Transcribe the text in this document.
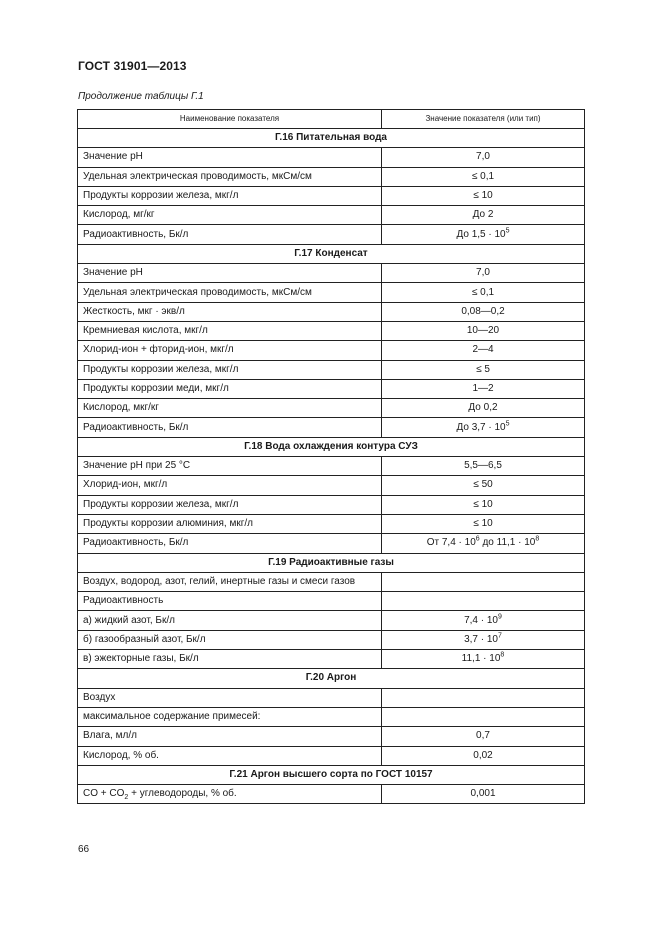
ГОСТ 31901—2013
Продолжение таблицы Г.1
Наименование показателя	Значение показателя (или тип)
Г.16 Питательная вода	
Значение pH	7,0
Удельная электрическая проводимость, мкСм/см	≤ 0,1
Продукты коррозии железа, мкг/л	≤ 10
Кислород, мг/кг	До 2
Радиоактивность, Бк/л	До $1,5 \cdot 10^5$
Г.17 Конденсат	
Значение pH	7,0
Удельная электрическая проводимость, мкСм/см	≤ 0,1
Жесткость, мкг · экв/л	0,08—0,2
Кремниевая кислота, мкг/л	10—20
Хлорид-ион + фторид-ион, мкг/л	2—4
Продукты коррозии железа, мкг/л	≤ 5
Продукты коррозии меди, мкг/л	1—2
Кислород, мкг/кг	До 0,2
Радиоактивность, Бк/л	До $3,7 \cdot 10^5$
Г.18 Вода охлаждения контура СУЗ	
Значение pH при 25 °С	5,5—6,5
Хлорид-ион, мкг/л	≤ 50
Продукты коррозии железа, мкг/л	≤ 10
Продукты коррозии алюминия, мкг/л	≤ 10
Радиоактивность, Бк/л	От $7,4 \cdot 10^6$ до $11,1 \cdot 10^8$
Г.19 Радиоактивные газы	
Воздух, водород, азот, гелий, инертные газы и смеси газов	
Радиоактивность	
а) жидкий азот, Бк/л	$7,4 \cdot 10^9$
б) газообразный азот, Бк/л	$3,7 \cdot 10^7$
в) эжекторные газы, Бк/л	$11,1 \cdot 10^8$
Г.20 Аргон	
Воздух	
максимальное содержание примесей:	
Влага, мл/л	0,7
Кислород, % об.	0,02
Г.21 Аргон высшего сорта по ГОСТ 10157	
CO + $CO_2$ + углеводороды, % об.	0,001
66
